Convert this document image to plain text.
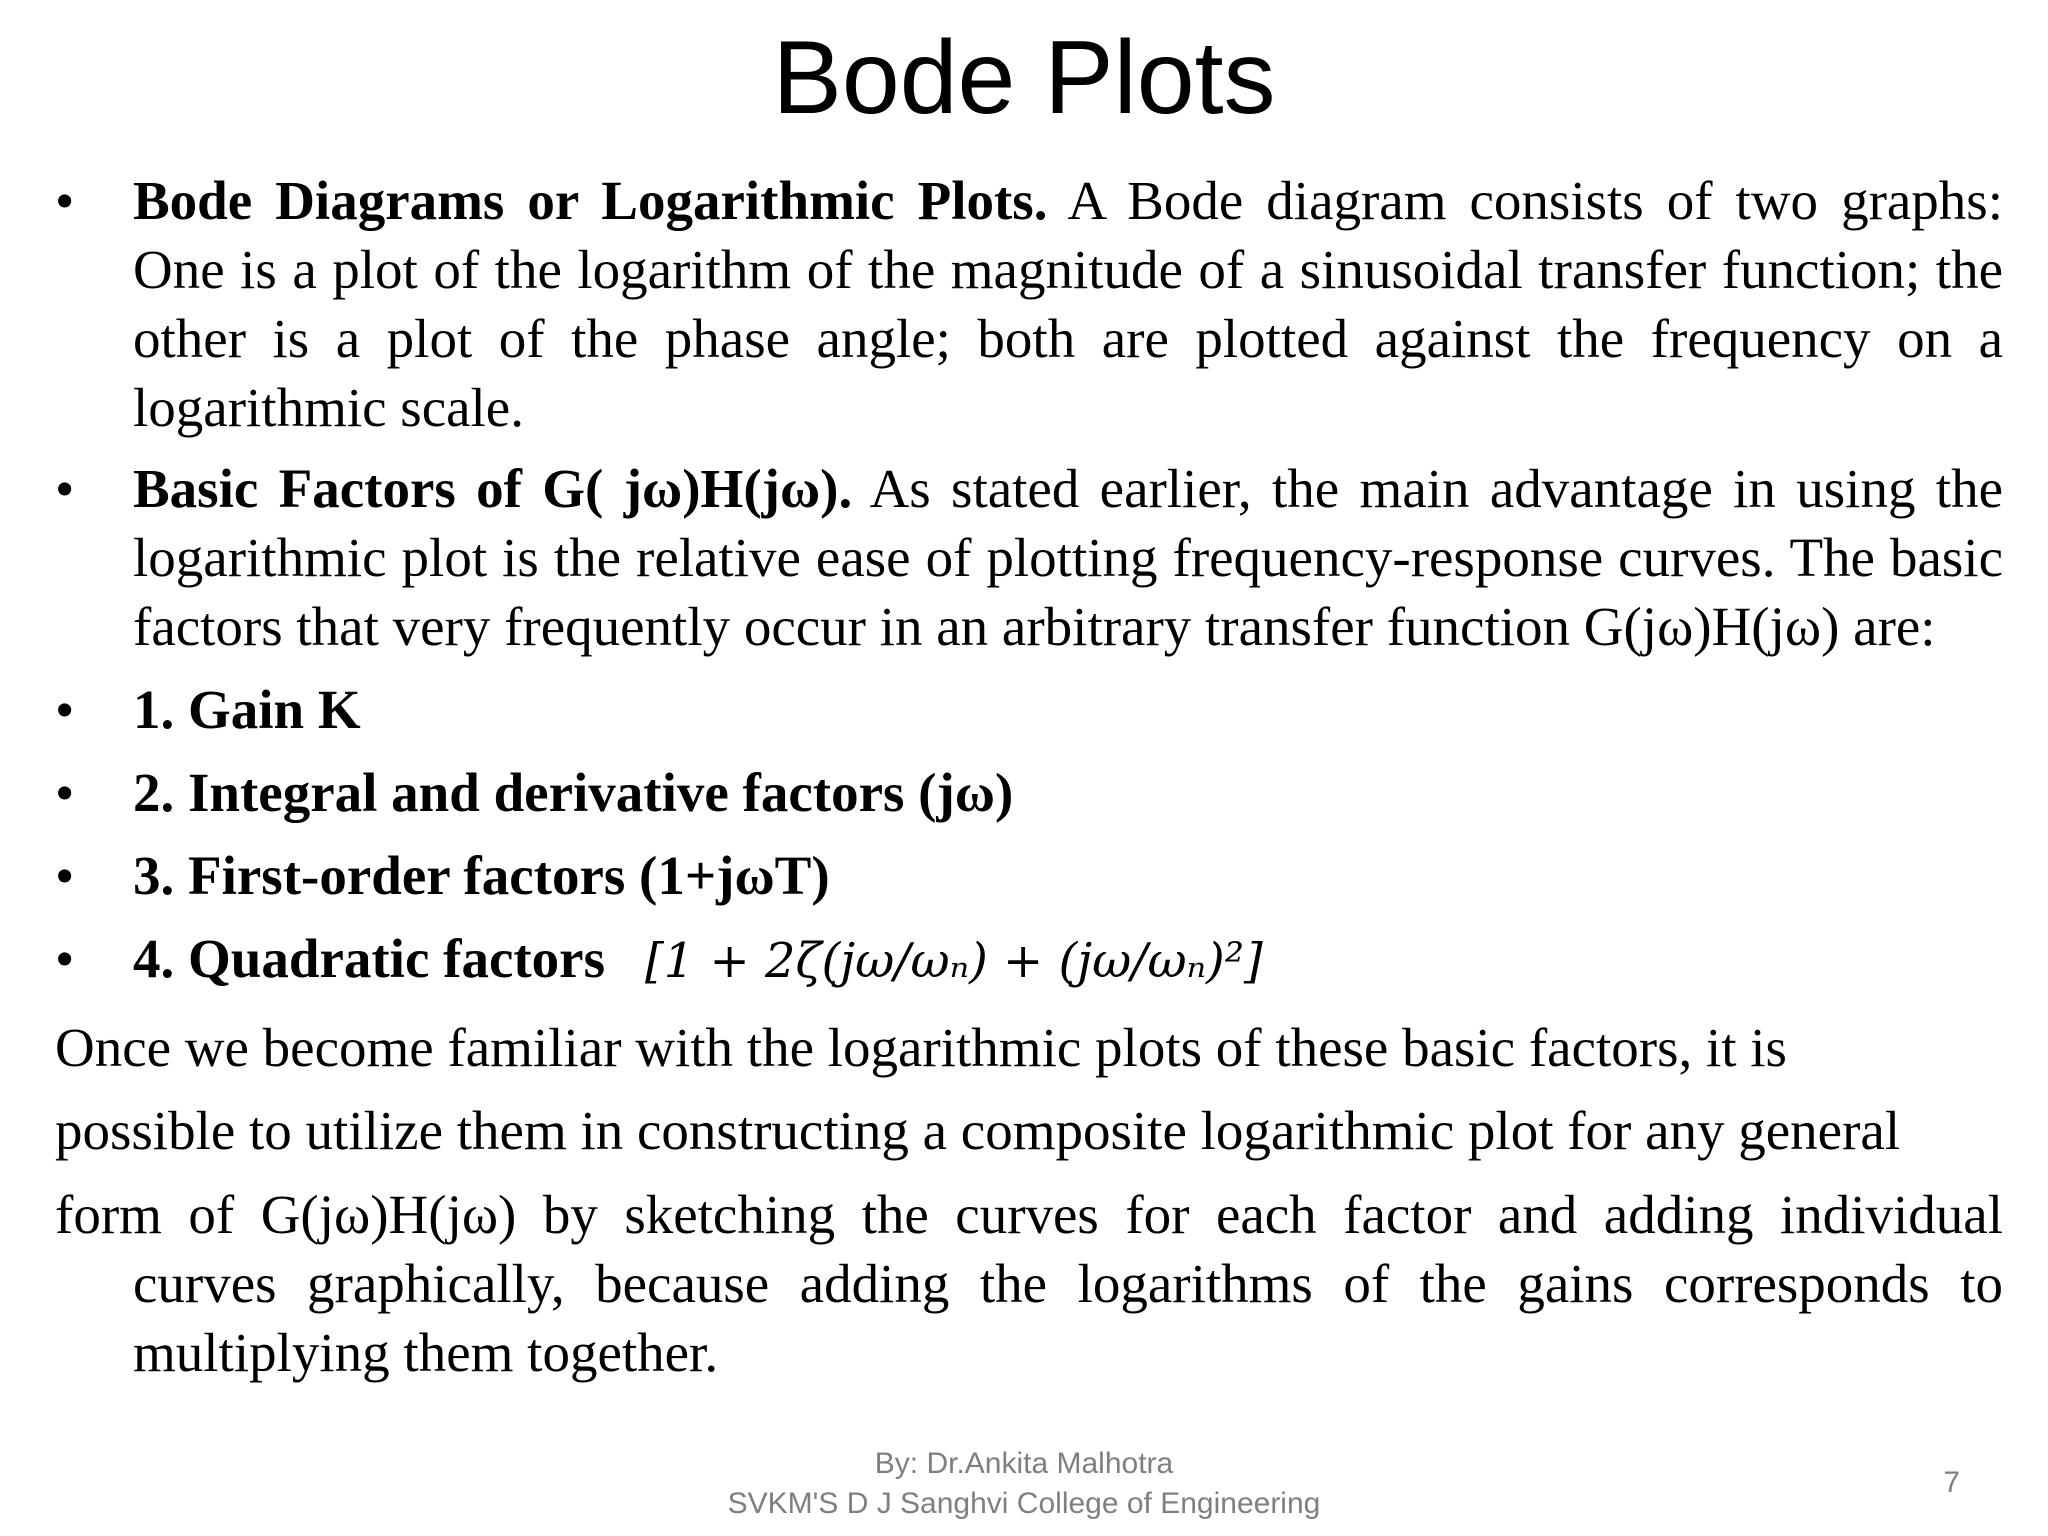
Bode Plots
• Bode Diagrams or Logarithmic Plots. A Bode diagram consists of two graphs: One is a plot of the logarithm of the magnitude of a sinusoidal transfer function; the other is a plot of the phase angle; both are plotted against the frequency on a logarithmic scale.
• Basic Factors of G( jω)H(jω). As stated earlier, the main advantage in using the logarithmic plot is the relative ease of plotting frequency-response curves. The basic factors that very frequently occur in an arbitrary transfer function G(jω)H(jω) are:
• 1. Gain K
• 2. Integral and derivative factors (jω)
• 3. First-order factors (1+jωT)
• 4. Quadratic factors [1 + 2ζ(jω/ωₙ) + (jω/ωₙ)²]
Once we become familiar with the logarithmic plots of these basic factors, it is
possible to utilize them in constructing a composite logarithmic plot for any general
form of G(jω)H(jω) by sketching the curves for each factor and adding individual curves graphically, because adding the logarithms of the gains corresponds to multiplying them together.
By: Dr.Ankita Malhotra
SVKM'S D J Sanghvi College of Engineering
7
